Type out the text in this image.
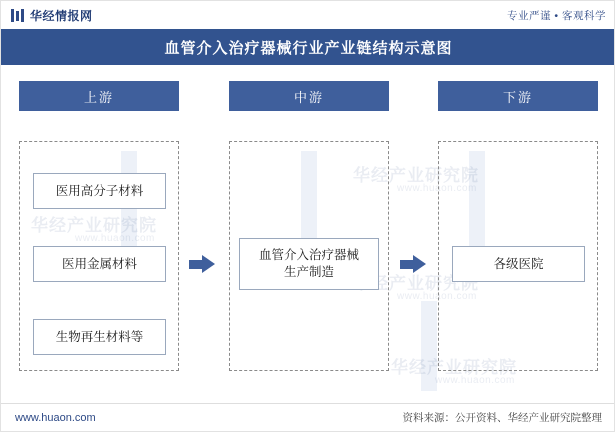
华经情报网	专业严谨 • 客观科学
血管介入治疗器械行业产业链结构示意图
华经产业研究院
www.huaon.com
华经产业研究院
www.huaon.com
华经产业研究院
www.huaon.com
华经产业研究院
www.huaon.com
上游	中游	下游
医用高分子材料
医用金属材料
生物再生材料等
血管介入治疗器械
生产制造
各级医院
www.huaon.com	资料来源：公开资料、华经产业研究院整理
